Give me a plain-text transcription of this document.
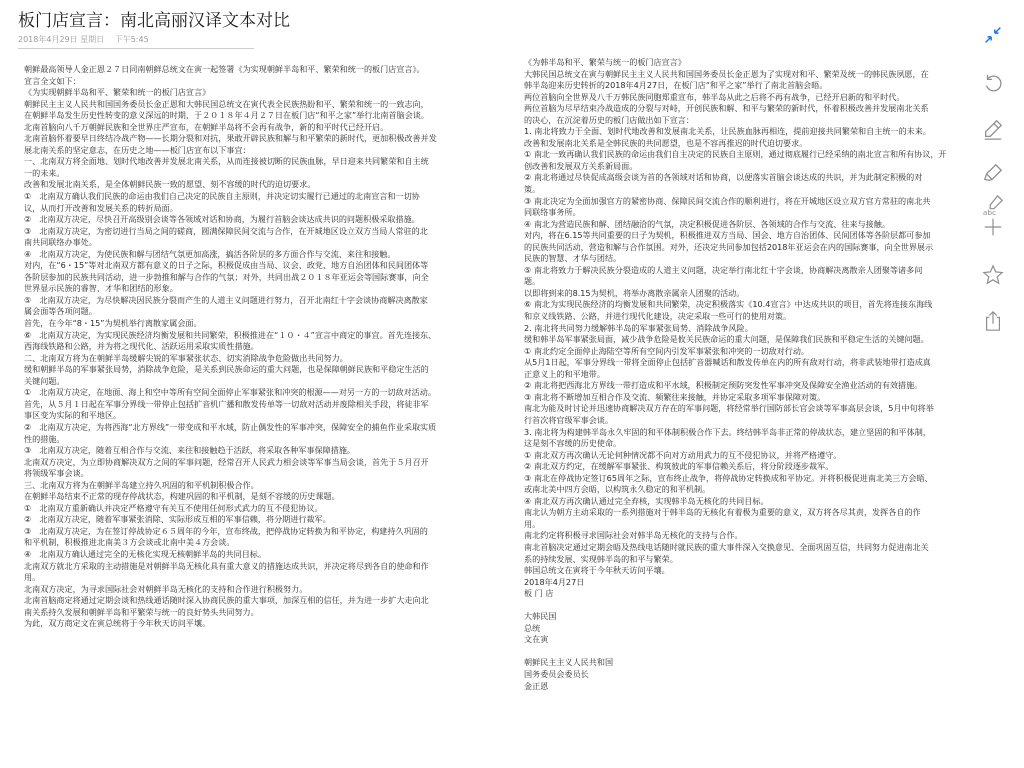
板门店宣言：南北高丽汉译文本对比
2018年4月29日 星期日 下午5:45
朝鲜最高领导人金正恩２７日同南朝鲜总统文在寅一起签署《为实现朝鲜半岛和平、繁荣和统一的板门店宣言》。
宣言全文如下：
《为实现朝鲜半岛和平、繁荣和统一的板门店宣言》
朝鲜民主主义人民共和国国务委员长金正恩和大韩民国总统文在寅代表全民族热盼和平、繁荣和统一的一致志向，
在朝鲜半岛发生历史性转变的意义深远的时期，于２０１８年４月２７日在板门店“和平之家”举行北南首脑会谈。
北南首脑向八千万朝鲜民族和全世界庄严宣布，在朝鲜半岛将不会再有战争，新的和平时代已经开启。
北南首脑怀着要早日终结冷战产物——长期分裂和对抗，果敢开辟民族和解与和平繁荣的新时代，更加积极改善并发
展北南关系的坚定意志，在历史之地——板门店宣布以下事宜：
一、北南双方将全面地、划时代地改善并发展北南关系，从而连接被切断的民族血脉，早日迎来共同繁荣和自主统
一的未来。
改善和发展北南关系，是全体朝鲜民族一致的愿望、刻不容缓的时代的迫切要求。
①　北南双方确认我们民族的命运由我们自己决定的民族自主原则，并决定切实履行已通过的北南宣言和一切协
议，从而打开改善和发展关系的转折局面。
②　北南双方决定，尽快召开高级别会谈等各领域对话和协商，为履行首脑会谈达成共识的问题积极采取措施。
③　北南双方决定，为密切进行当局之间的磋商，圆满保障民间交流与合作，在开城地区设立双方当局人常驻的北
南共同联络办事处。
④　北南双方决定，为使民族和解与团结气氛更加高涨，搞活各阶层的多方面合作与交流、来往和接触。
对内，在“6・15”等对北南双方都有意义的日子之际，积极促成由当局、议会、政党、地方自治团体和民间团体等
各阶层参加的民族共同活动，进一步勃推和解与合作的气氛；对外，共同出战２０１８年亚运会等国际赛事，向全
世界显示民族的睿智、才华和团结的形象。
⑤　北南双方决定，为尽快解决因民族分裂而产生的人道主义问题进行努力，召开北南红十字会谈协商解决离散家
属会面等各项问题。
首先，在今年“8・15”为契机举行离散家属会面。
⑥　北南双方决定，为实现民族经济均衡发展和共同繁荣，积极推进在“１０・４”宣言中商定的事宜。首先连接东、
西海线铁路和公路，并为将之现代化、活跃运用采取实质性措施。
二、北南双方将为在朝鲜半岛缓解尖锐的军事紧张状态、切实消除战争危险做出共同努力。
缓和朝鲜半岛的军事紧张局势，消除战争危险，是关系到民族命运的重大问题，也是保障朝鲜民族和平稳定生活的
关键问题。
①　北南双方决定，在地面、海上和空中等所有空间全面停止军事紧张和冲突的根源——对另一方的一切敌对活动。
首先，从５月１日起在军事分界线一带停止包括扩音机广播和散发传单等一切敌对活动并废除相关手段，将徒非军
事区变为实际的和平地区。
②　北南双方决定，为将西海“北方界线”一带变成和平水域，防止偶发性的军事冲突，保障安全的捕鱼作业采取实质
性的措施。
③　北南双方决定，随着互相合作与交流、来往和接触趋于活跃，将采取各种军事保障措施。
北南双方决定，为立即协商解决双方之间的军事问题，经常召开人民武力相会谈等军事当局会谈，首先于５月召开
将领级军事会谈。
三、北南双方将为在朝鲜半岛建立持久巩固的和平机制积极合作。
在朝鲜半岛结束不正常的现存停战状态，构建巩固的和平机制，是刻不容缓的历史课题。
①　北南双方重新确认并决定严格遵守有关互不使用任何形式武力的互不侵犯协议。
②　北南双方决定，随着军事紧张消除、实际形成互相的军事信赖，将分期进行裁军。
③　北南双方决定，为在签订停战协定６５周年的今年，宣布终战，把停战协定转换为和平协定，构建持久巩固的
和平机制，积极推进北南美３方会谈或北南中美４方会谈。
④　北南双方确认通过完全的无核化实现无核朝鲜半岛的共同目标。
北南双方就北方采取的主动措施是对朝鲜半岛无核化具有重大意义的措施达成共识，并决定将尽到各自的使命和作
用。
北南双方决定，为寻求国际社会对朝鲜半岛无核化的支持和合作进行积极努力。
北南首脑商定将通过定期会谈和热线通话随时深入协商民族的重大事项，加深互相的信任，并为进一步扩大走向北
南关系持久发展和朝鲜半岛和平繁荣与统一的良好势头共同努力。
为此，双方商定文在寅总统将于今年秋天访问平壤。
《为韩半岛和平、繁荣与统一的板门店宣言》
大韩民国总统文在寅与朝鲜民主主义人民共和国国务委员长金正恩为了实现对和平、繁荣及统一的韩民族夙愿，在
韩半岛迎来历史转折的2018年4月27日，在板门店“和平之家”举行了南北首脑会晤。
两位首脑向全世界及八千万韩民族同胞郑重宣布，韩半岛从此之后将不再有战争，已经开启新的和平时代。
两位首脑为尽早结束冷战造成的分裂与对峙，开创民族和解、和平与繁荣的新时代，怀着积极改善并发展南北关系
的决心，在沉淀着历史的板门店做出如下宣言：
1. 南北将致力于全面、划时代地改善和发展南北关系，让民族血脉再相连，提前迎接共同繁荣和自主统一的未来。
改善和发展南北关系是全韩民族的共同愿望，也是不容再推迟的时代迫切要求。
① 南北一致再确认我们民族的命运由我们自主决定的民族自主原则，通过彻底履行已经采纳的南北宣言和所有协议，开
创改善和发展双方关系新局面。
② 南北将通过尽快促成高级会谈为首的各领域对话和协商，以便落实首脑会谈达成的共识，并为此制定积极的对
策。
③ 南北决定为全面加强官方的紧密协商、保障民间交流合作的顺利进行，将在开城地区设立双方官方常驻的南北共
同联络事务所。
④ 南北为营造民族和解、团结融洽的气氛，决定积极促进各阶层、各领域的合作与交流、往来与接触。
对内，将在6.15等共同重要的日子为契机，积极推进双方当局、国会、地方自治团体、民间团体等各阶层都可参加
的民族共同活动，营造和解与合作氛围。对外，还决定共同参加包括2018年亚运会在内的国际赛事，向全世界展示
民族的智慧、才华与团结。
⑤ 南北将致力于解决民族分裂造成的人道主义问题，决定举行南北红十字会谈，协商解决离散亲人团聚等诸多问
题。
以即将到来的8.15为契机，将举办离散亲属亲人团聚的活动。
⑥ 南北为实现民族经济的均衡发展和共同繁荣，决定积极落实《10.4宣言》中达成共识的项目，首先将连接东海线
和京义线铁路、公路，并进行现代化建设，决定采取一些可行的使用对策。
2. 南北将共同努力缓解韩半岛的军事紧张局势、消除战争风险。
缓和韩半岛军事紧张局面，减少战争危险是攸关民族命运的重大问题，是保障我们民族和平稳定生活的关键问题。
① 南北约定全面停止海陆空等所有空间内引发军事紧张和冲突的一切敌对行动。
从5月1日起，军事分界线一带将全面停止包括扩音器喊话和散发传单在内的所有敌对行动，将非武装地带打造成真
正意义上的和平地带。
② 南北将把西海北方界线一带打造成和平水域，积极制定预防突发性军事冲突及保障安全渔业活动的有效措施。
③ 南北将不断增加互相合作及交流、频繁往来接触，并协定采取多项军事保障对策。
南北为能及时讨论并迅速协商解决双方存在的军事问题，将经常举行国防部长官会谈等军事高层会谈，5月中旬将举
行首次将官级军事会谈。
3. 南北将为构建韩半岛永久牢固的和平体制积极合作下去。终结韩半岛非正常的停战状态，建立坚固的和平体制，
这是刻不容缓的历史使命。
① 南北双方再次确认无论何种情况都不向对方动用武力的互不侵犯协议，并将严格遵守。
② 南北双方约定，在缓解军事紧张、构筑彼此的军事信赖关系后，将分阶段逐步裁军。
③ 南北在停战协定签订65周年之际，宣布终止战争，将停战协定转换成和平协定。并将积极促进南北美三方会晤、
或南北美中四方会晤，以构筑永久稳定的和平机制。
④ 南北双方再次确认通过完全弃核，实现韩半岛无核化的共同目标。
南北认为朝方主动采取的一系列措施对于韩半岛的无核化有着极为重要的意义，双方将各尽其责，发挥各自的作
用。
南北约定将积极寻求国际社会对韩半岛无核化的支持与合作。
南北首脑决定通过定期会晤及热线电话随时就民族的重大事件深入交换意见、全面巩固互信，共同努力促进南北关
系的持续发展、实现韩半岛的和平与繁荣。
韩国总统文在寅将于今年秋天访问平壤。
2018年4月27日
板 门 店
大韩民国
总统
文在寅
朝鲜民主主义人民共和国
国务委员会委员长
金正恩
abc
